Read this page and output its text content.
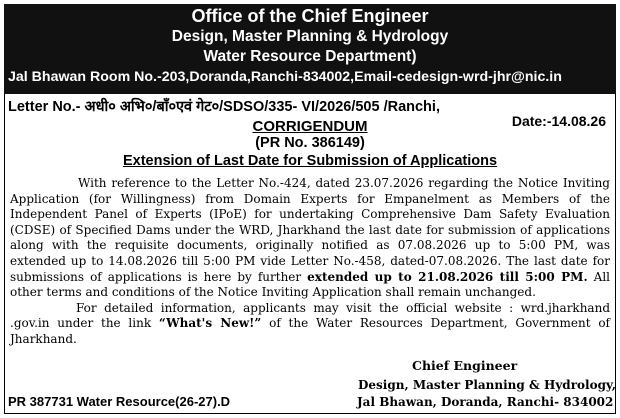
Office of the Chief Engineer
Design, Master Planning & Hydrology
Water Resource Department)
Jal Bhawan Room No.-203,Doranda,Ranchi-834002,Email-cedesign-wrd-jhr@nic.in
Letter No.- अधी० अभि०/बाँ०एवं गेट०/SDSO/335- VI/2026/505 /Ranchi,
Date:-14.08.26
CORRIGENDUM
(PR No. 386149)
Extension of Last Date for Submission of Applications

With reference to the Letter No.-424, dated 23.07.2026 regarding the Notice Inviting Application (for Willingness) from Domain Experts for Empanelment as Members of the Independent Panel of Experts (IPoE) for undertaking Comprehensive Dam Safety Evaluation (CDSE) of Specified Dams under the WRD, Jharkhand the last date for submission of applications along with the requisite documents, originally notified as 07.08.2026 up to 5:00 PM, was extended up to 14.08.2026 till 5:00 PM vide Letter No.-458, dated-07.08.2026. The last date for submissions of applications is here by further extended up to 21.08.2026 till 5:00 PM. All other terms and conditions of the Notice Inviting Application shall remain unchanged.

For detailed information, applicants may visit the official website : wrd.jharkhand .gov.in under the link “What's New!” of the Water Resources Department, Government of Jharkhand.

Chief Engineer
Design, Master Planning & Hydrology,
Jal Bhawan, Doranda, Ranchi- 834002
PR 387731 Water Resource(26-27).D
